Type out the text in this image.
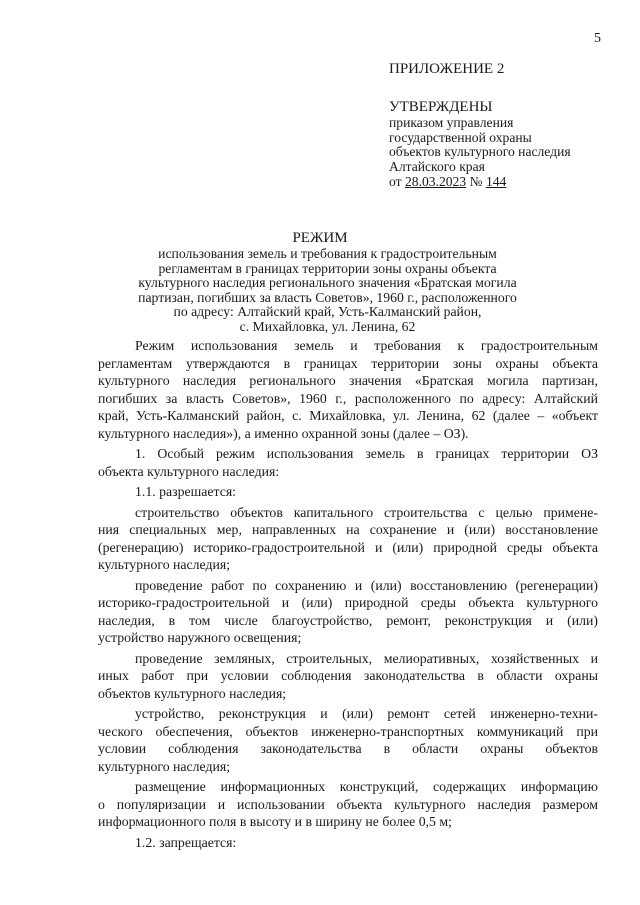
5
ПРИЛОЖЕНИЕ 2
УТВЕРЖДЕНЫ
приказом управления
государственной охраны
объектов культурного наследия
Алтайского края
от 28.03.2023 № 144
РЕЖИМ
использования земель и требования к градостроительным
регламентам в границах территории зоны охраны объекта
культурного наследия регионального значения «Братская могила
партизан, погибших за власть Советов», 1960 г., расположенного
по адресу: Алтайский край, Усть-Калманский район,
с. Михайловка, ул. Ленина, 62
Режим использования земель и требования к градостроительным
регламентам утверждаются в границах территории зоны охраны объекта
культурного наследия регионального значения «Братская могила партизан,
погибших за власть Советов», 1960 г., расположенного по адресу: Алтайский
край, Усть-Калманский район, с. Михайловка, ул. Ленина, 62 (далее – «объект
культурного наследия»), а именно охранной зоны (далее – ОЗ).
1. Особый режим использования земель в границах территории ОЗ
объекта культурного наследия:
1.1. разрешается:
строительство объектов капитального строительства с целью примене-
ния специальных мер, направленных на сохранение и (или) восстановление
(регенерацию) историко-градостроительной и (или) природной среды объекта
культурного наследия;
проведение работ по сохранению и (или) восстановлению (регенерации)
историко-градостроительной и (или) природной среды объекта культурного
наследия, в том числе благоустройство, ремонт, реконструкция и (или)
устройство наружного освещения;
проведение земляных, строительных, мелиоративных, хозяйственных и
иных работ при условии соблюдения законодательства в области охраны
объектов культурного наследия;
устройство, реконструкция и (или) ремонт сетей инженерно-техни-
ческого обеспечения, объектов инженерно-транспортных коммуникаций при
условии соблюдения законодательства в области охраны объектов
культурного наследия;
размещение информационных конструкций, содержащих информацию
о популяризации и использовании объекта культурного наследия размером
информационного поля в высоту и в ширину не более 0,5 м;
1.2. запрещается:
